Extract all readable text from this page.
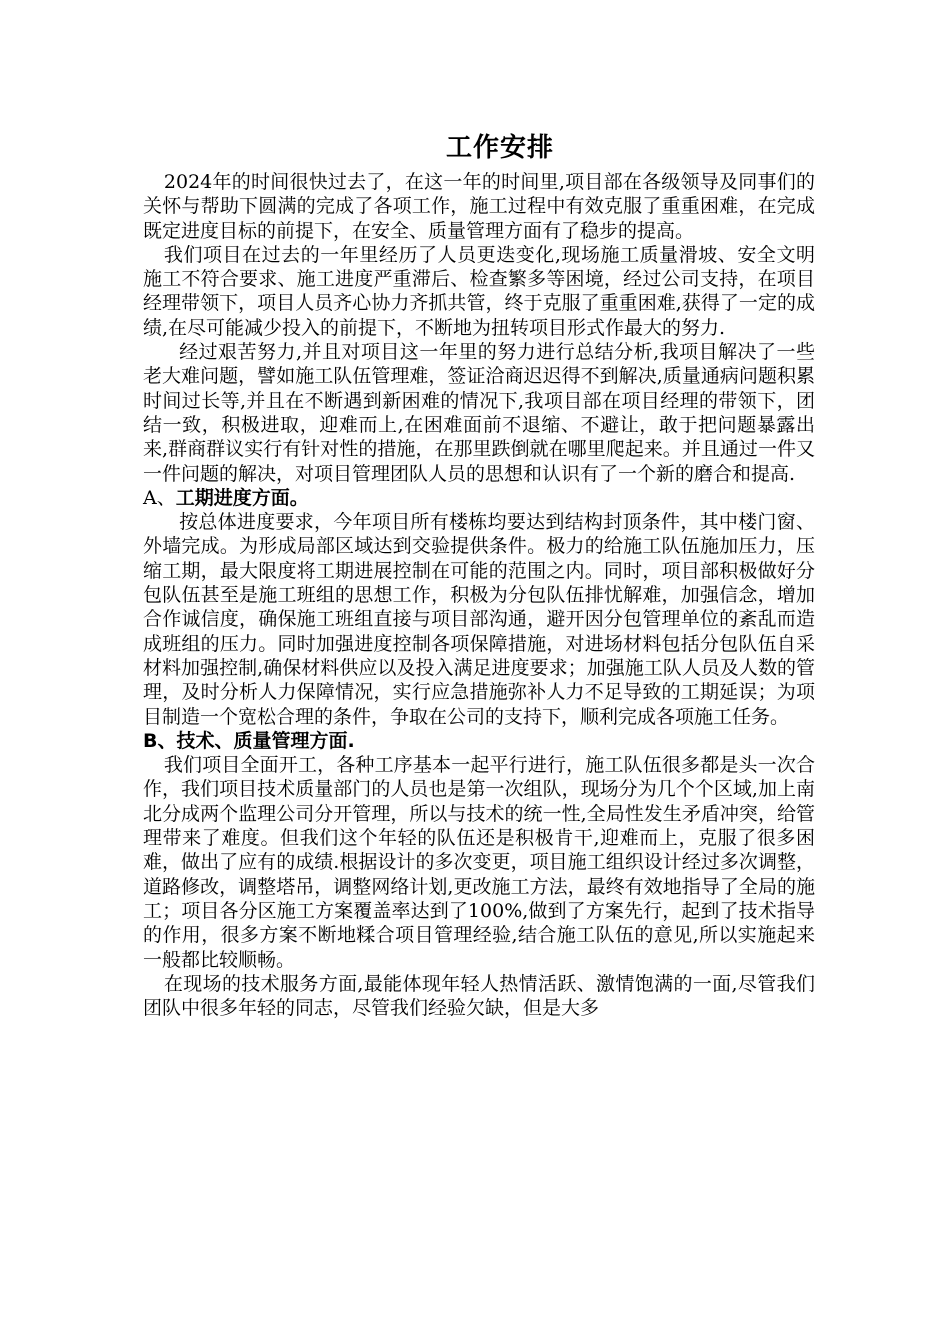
工作安排

2024年的时间很快过去了，在这一年的时间里,项目部在各级领导及同事们的关怀与帮助下圆满的完成了各项工作，施工过程中有效克服了重重困难，在完成既定进度目标的前提下，在安全、质量管理方面有了稳步的提高。

我们项目在过去的一年里经历了人员更迭变化,现场施工质量滑坡、安全文明施工不符合要求、施工进度严重滞后、检查繁多等困境，经过公司支持，在项目经理带领下，项目人员齐心协力齐抓共管，终于克服了重重困难,获得了一定的成绩,在尽可能减少投入的前提下，不断地为扭转项目形式作最大的努力.

经过艰苦努力,并且对项目这一年里的努力进行总结分析,我项目解决了一些老大难问题，譬如施工队伍管理难，签证洽商迟迟得不到解决,质量通病问题积累时间过长等,并且在不断遇到新困难的情况下,我项目部在项目经理的带领下，团结一致，积极进取，迎难而上,在困难面前不退缩、不避让，敢于把问题暴露出来,群商群议实行有针对性的措施，在那里跌倒就在哪里爬起来。并且通过一件又一件问题的解决，对项目管理团队人员的思想和认识有了一个新的磨合和提高.

A、工期进度方面。

按总体进度要求，今年项目所有楼栋均要达到结构封顶条件，其中楼门窗、外墙完成。为形成局部区域达到交验提供条件。极力的给施工队伍施加压力，压缩工期，最大限度将工期进展控制在可能的范围之内。同时，项目部积极做好分包队伍甚至是施工班组的思想工作，积极为分包队伍排忧解难，加强信念，增加合作诚信度，确保施工班组直接与项目部沟通，避开因分包管理单位的紊乱而造成班组的压力。同时加强进度控制各项保障措施，对进场材料包括分包队伍自采材料加强控制,确保材料供应以及投入满足进度要求；加强施工队人员及人数的管理，及时分析人力保障情况，实行应急措施弥补人力不足导致的工期延误；为项目制造一个宽松合理的条件，争取在公司的支持下，顺利完成各项施工任务。

B、技术、质量管理方面.

我们项目全面开工，各种工序基本一起平行进行，施工队伍很多都是头一次合作，我们项目技术质量部门的人员也是第一次组队，现场分为几个个区域,加上南北分成两个监理公司分开管理，所以与技术的统一性,全局性发生矛盾冲突，给管理带来了难度。但我们这个年轻的队伍还是积极肯干,迎难而上，克服了很多困难，做出了应有的成绩.根据设计的多次变更，项目施工组织设计经过多次调整，道路修改，调整塔吊，调整网络计划,更改施工方法，最终有效地指导了全局的施工；项目各分区施工方案覆盖率达到了100%,做到了方案先行，起到了技术指导的作用，很多方案不断地糅合项目管理经验,结合施工队伍的意见,所以实施起来一般都比较顺畅。

在现场的技术服务方面,最能体现年轻人热情活跃、激情饱满的一面,尽管我们团队中很多年轻的同志，尽管我们经验欠缺，但是大多
